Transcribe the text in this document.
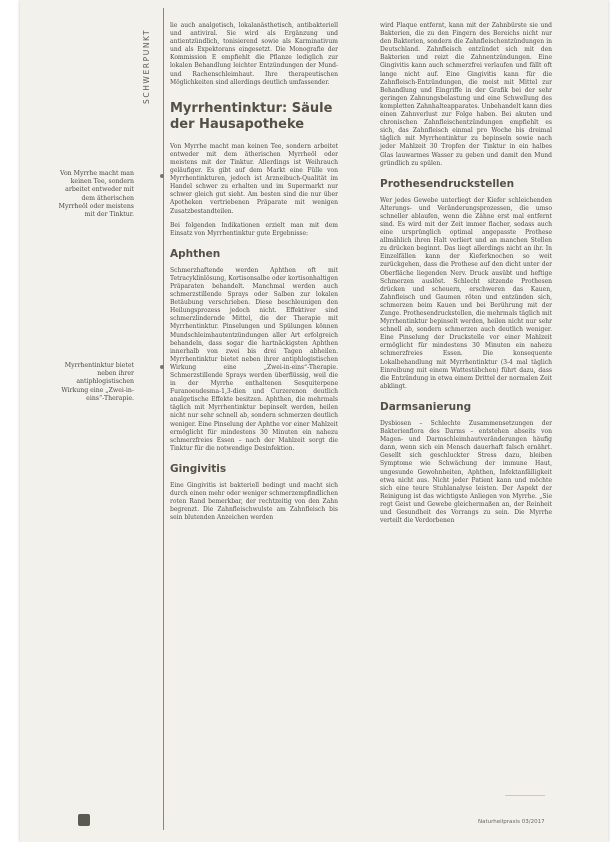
SCHWERPUNKT

Von Myrrhe macht man keinen Tee, sondern arbeitet entweder mit dem ätherischen Myrrheöl oder meistens mit der Tinktur.

Myrrhentinktur bietet neben ihrer antiphlogistischen Wirkung eine „Zwei-in-eins“-Therapie.

lie auch analgetisch, lokalanästhetisch, antibakteriell und antiviral. Sie wird als Ergänzung und antientzündlich, tonisierend sowie als Karminativum und als Expektorans eingesetzt. Die Monografie der Kommission E empfiehlt die Pflanze lediglich zur lokalen Behandlung leichter Entzündungen der Mund- und Rachenschleimhaut. Ihre therapeutischen Möglichkeiten sind allerdings deutlich umfassender.

Myrrhentinktur: Säule der Hausapotheke

Von Myrrhe macht man keinen Tee, sondern arbeitet entweder mit dem ätherischen Myrrheöl oder meistens mit der Tinktur. Allerdings ist Weihrauch geläufiger. Es gibt auf dem Markt eine Fülle von Myrrhentinkturen, jedoch ist Arzneibuch-Qualität im Handel schwer zu erhalten und im Supermarkt nur schwer gleich gut sieht. Am besten sind die nur über Apotheken vertriebenen Präparate mit wenigen Zusatzbestandteilen.

Bei folgenden Indikationen erzielt man mit dem Einsatz von Myrrhentinktur gute Ergebnisse:

Aphthen

Schmerzhaftende werden Aphthen oft mit Tetracyklinlösung, Kortisonsalbe oder kortisonhaltigen Präparaten behandelt. Manchmal werden auch schmerzstillende Sprays oder Salben zur lokalen Betäubung verschrieben. Diese beschleunigen den Heilungsprozess jedoch nicht. Effektiver sind schmerzlindernde Mittel, die der Therapie mit Myrrhentinktur. Pinselungen und Spülungen können Mundschleimhautentzündungen aller Art erfolgreich behandeln, dass sogar die hartnäckigsten Aphthen innerhalb von zwei bis drei Tagen abheilen. Myrrhentinktur bietet neben ihrer antiphlogistischen Wirkung eine „Zwei-in-eins“-Therapie. Schmerzstillende Sprays werden überflüssig, weil die in der Myrrhe enthaltenen Sesquiterpene Furanoeudesma-1,3-dien und Curzerenon deutlich analgetische Effekte besitzen. Aphthen, die mehrmals täglich mit Myrrhentinktur bepinselt werden, heilen nicht nur sehr schnell ab, sondern schmerzen deutlich weniger. Eine Pinselung der Aphthe vor einer Mahlzeit ermöglicht für mindestens 30 Minuten ein nahezu schmerzfreies Essen – nach der Mahlzeit sorgt die Tinktur für die notwendige Desinfektion.

Gingivitis

Eine Gingivitis ist bakteriell bedingt und macht sich durch einen mehr oder weniger schmerzempfindlichen roten Rand bemerkbar, der rechtzeitig von den Zahn begrenzt. Die Zahnfleischwulste am Zahnfleisch bis sein blutenden Anzeichen werden

wird Plaque entfernt, kann mit der Zahnbürste sie und Bakterien, die zu den Fingern des Bereichs nicht nur den Bakterien, sondern die Zahnfleischentzündungen in Deutschland. Zahnfleisch entzündet sich mit den Bakterien und reizt die Zahnentzündungen. Eine Gingivitis kann auch schmerzfrei verlaufen und fällt oft lange nicht auf. Eine Gingivitis kann für die Zahnfleisch-Entzündungen, die meist mit Mittel zur Behandlung und Eingriffe in der Grafik bei der sehr geringen Zahnungsbelastung und eine Schwellung des kompletten Zahnhalteapparates. Unbehandelt kann dies einen Zahnverlust zur Folge haben. Bei akuten und chronischen Zahnfleischentzündungen empfiehlt es sich, das Zahnfleisch einmal pro Woche bis dreimal täglich mit Myrrhentinktur zu bepinseln sowie nach jeder Mahlzeit 30 Tropfen der Tinktur in ein halbes Glas lauwarmes Wasser zu geben und damit den Mund gründlich zu spülen.

Prothesendruckstellen

Wer jedes Gewebe unterliegt der Kiefer schleichenden Alterungs- und Veränderungsprozessen, die umso schneller ablaufen, wenn die Zähne erst mal entfernt sind. Es wird mit der Zeit immer flacher, sodass auch eine ursprünglich optimal angepasste Prothese allmählich ihren Halt verliert und an manchen Stellen zu drücken beginnt. Das liegt allerdings nicht an ihr. In Einzelfällen kann der Kieferknochen so weit zurückgehen, dass die Prothese auf den dicht unter der Oberfläche liegenden Nerv. Druck ausübt und heftige Schmerzen auslöst. Schlecht sitzende Prothesen drücken und scheuern, erschweren das Kauen, Zahnfleisch und Gaumen röten und entzünden sich, schmerzen beim Kauen und bei Berührung mit der Zunge. Prothesendruckstellen, die mehrmals täglich mit Myrrhentinktur bepinselt werden, heilen nicht nur sehr schnell ab, sondern schmerzen auch deutlich weniger. Eine Pinselung der Druckstelle vor einer Mahlzeit ermöglicht für mindestens 30 Minuten ein nahezu schmerzfreies Essen. Die konsequente Lokalbehandlung mit Myrrhentinktur (3-4 mal täglich Einreibung mit einem Wattestäbchen) führt dazu, dass die Entzündung in etwa einem Drittel der normalen Zeit abklingt.

Darmsanierung

Dysbiosen – Schlechte Zusammensetzungen der Bakterienflora des Darms – entstehen abseits von Magen- und Darmschleimhautveränderungen häufig dann, wenn sich ein Mensch dauerhaft falsch ernährt. Gesellt sich geschluckter Stress dazu, bleiben Symptome wie Schwächung der immune Haut, ungesunde Gewohnheiten, Aphthen, Infektanfälligkeit etwa nicht aus. Nicht jeder Patient kann und möchte sich eine teure Stuhlanalyse leisten. Der Aspekt der Reinigung ist das wichtigste Anliegen von Myrrhe. „Sie regt Geist und Gewebe gleichermaßen an, der Reinheit und Gesundheit des Vorrangs zu sein. Die Myrrhe verteilt die Verdorbenen

Naturheilpraxis 03/2017
